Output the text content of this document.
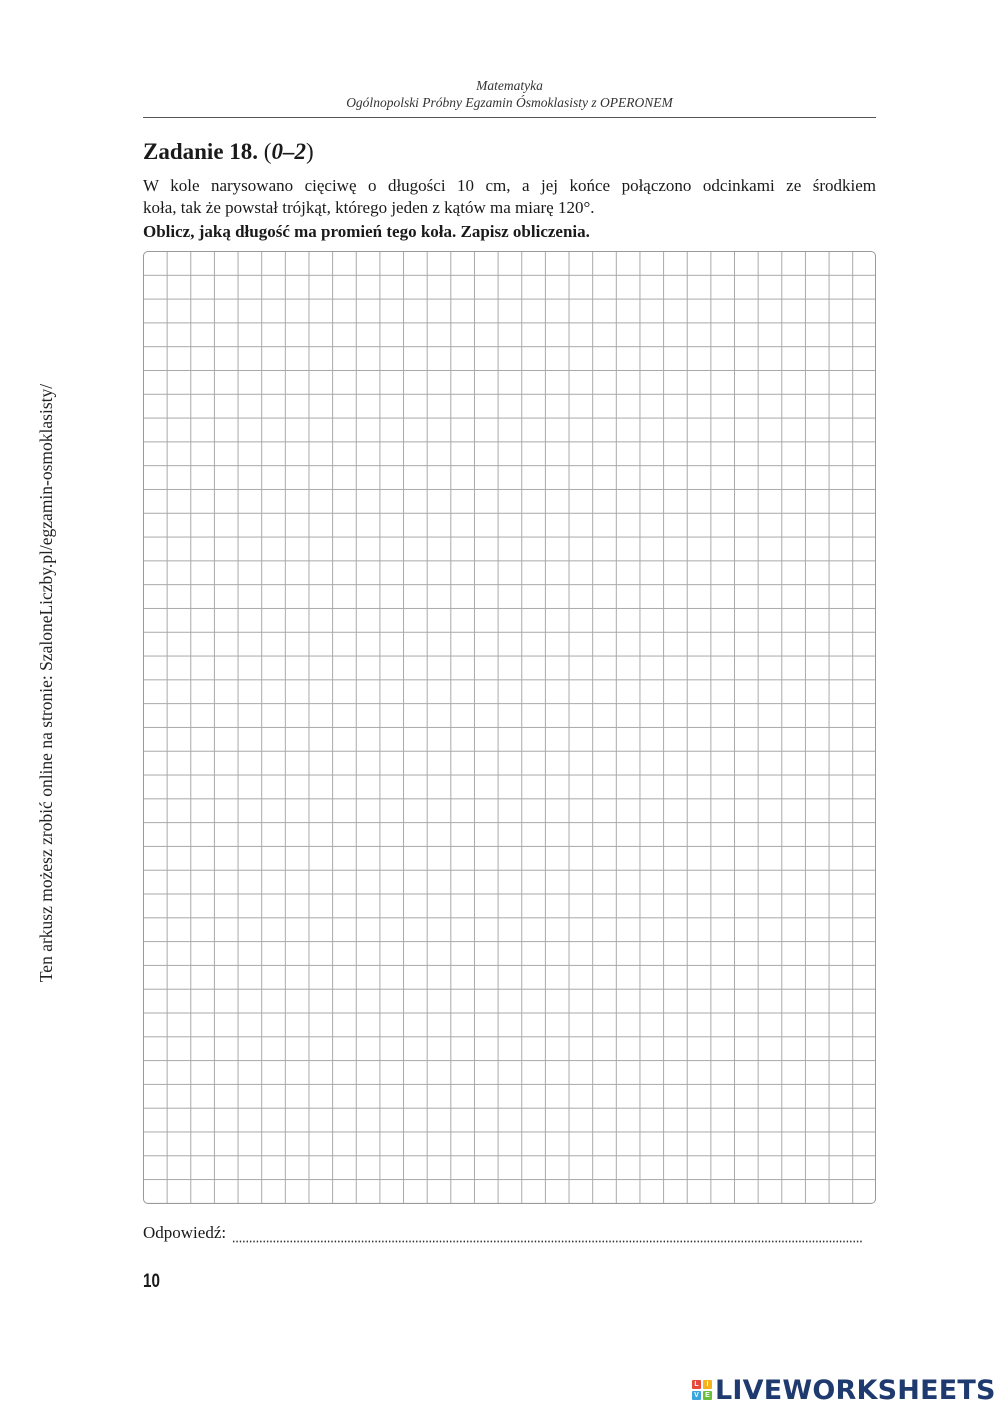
Matematyka
Ogólnopolski Próbny Egzamin Ósmoklasisty z OPERONEM
Zadanie 18. (0–2)

W kole narysowano cięciwę o długości 10 cm, a jej końce połączono odcinkami ze środkiem

koła, tak że powstał trójkąt, którego jeden z kątów ma miarę 120°.

Oblicz, jaką długość ma promień tego koła. Zapisz obliczenia.
Odpowiedź:
10
Ten arkusz możesz zrobić online na stronie: SzaloneLiczby.pl/egzamin-osmoklasisty/
L	I
V E LIVEWORKSHEETS
